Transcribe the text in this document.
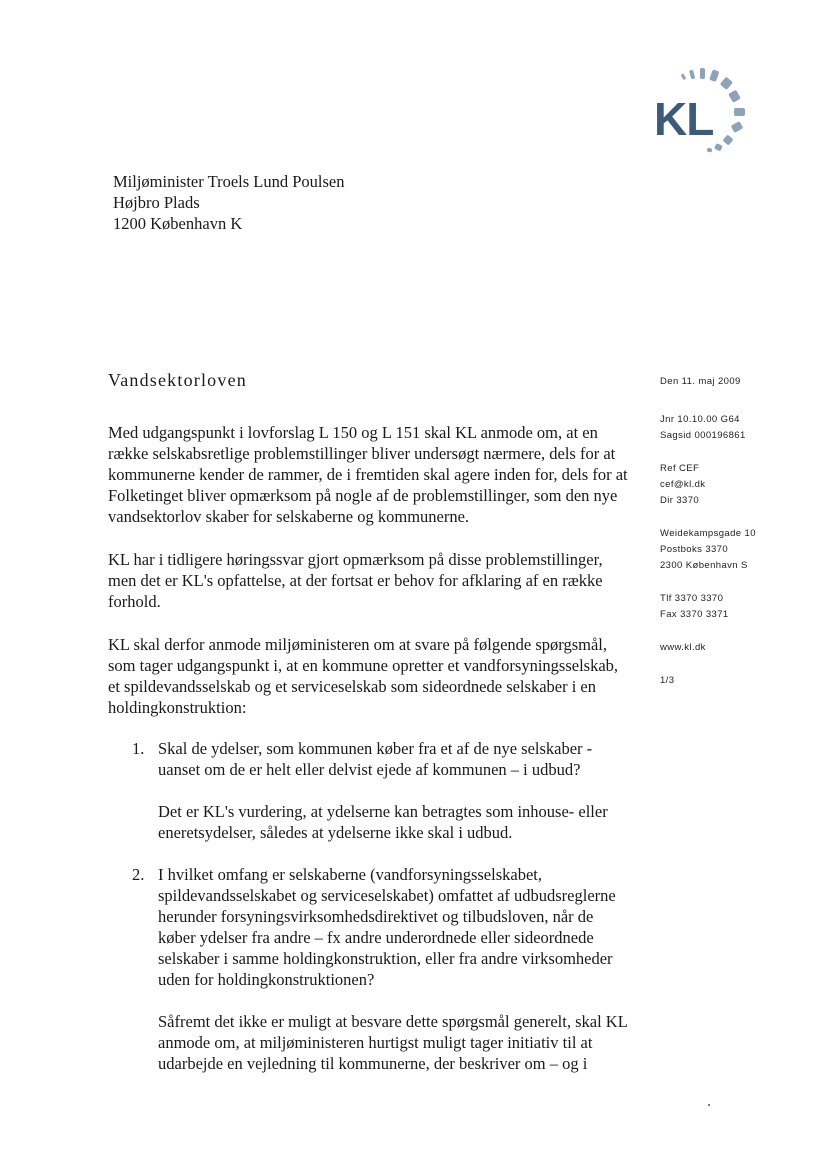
KL
Miljøminister Troels Lund Poulsen
Højbro Plads
1200 København K
Vandsektorloven

Med udgangspunkt i lovforslag L 150 og L 151 skal KL anmode om, at en række selskabsretlige problemstillinger bliver undersøgt nærmere, dels for at kommunerne kender de rammer, de i fremtiden skal agere inden for, dels for at Folketinget bliver opmærksom på nogle af de problemstillinger, som den nye vandsektorlov skaber for selskaberne og kommunerne.

KL har i tidligere høringssvar gjort opmærksom på disse problemstillinger, men det er KL's opfattelse, at der fortsat er behov for afklaring af en række forhold.

KL skal derfor anmode miljøministeren om at svare på følgende spørgsmål, som tager udgangspunkt i, at en kommune opretter et vandforsyningsselskab, et spildevandsselskab og et serviceselskab som sideordnede selskaber i en holdingkonstruktion:

1. Skal de ydelser, som kommunen køber fra et af de nye selskaber - uanset om de er helt eller delvist ejede af kommunen – i udbud?

Det er KL's vurdering, at ydelserne kan betragtes som inhouse- eller eneretsydelser, således at ydelserne ikke skal i udbud.

2. I hvilket omfang er selskaberne (vandforsyningsselskabet, spildevandsselskabet og serviceselskabet) omfattet af udbudsreglerne herunder forsyningsvirksomhedsdirektivet og tilbudsloven, når de køber ydelser fra andre – fx andre underordnede eller sideordnede selskaber i samme holdingkonstruktion, eller fra andre virksomheder uden for holdingkonstruktionen?

Såfremt det ikke er muligt at besvare dette spørgsmål generelt, skal KL anmode om, at miljøministeren hurtigst muligt tager initiativ til at udarbejde en vejledning til kommunerne, der beskriver om – og i

Den 11. maj 2009
Jnr 10.10.00 G64
Sagsid 000196861
Ref CEF
cef@kl.dk
Dir 3370
Weidekampsgade 10
Postboks 3370
2300 København S
Tlf 3370 3370
Fax 3370 3371
www.kl.dk
1/3
